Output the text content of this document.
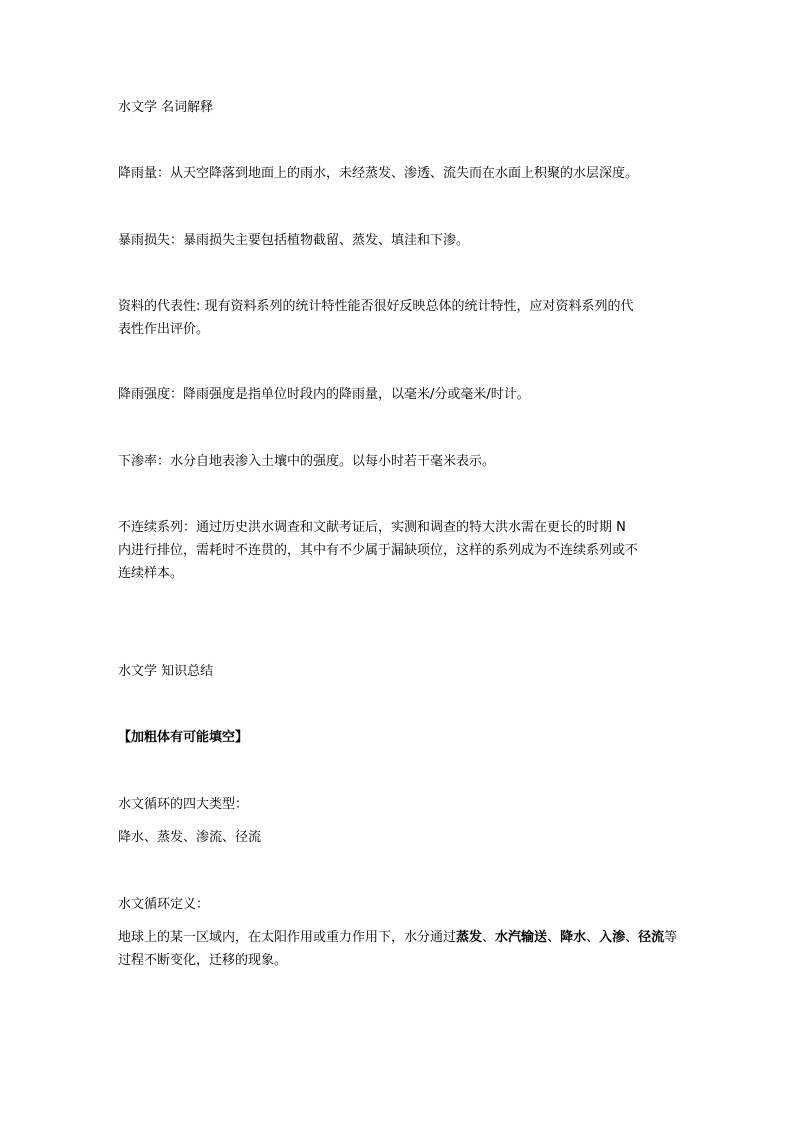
水文学 名词解释
降雨量：从天空降落到地面上的雨水，未经蒸发、渗透、流失而在水面上积聚的水层深度。
暴雨损失：暴雨损失主要包括植物截留、蒸发、填洼和下渗。
资料的代表性: 现有资料系列的统计特性能否很好反映总体的统计特性，应对资料系列的代
表性作出评价。
降雨强度：降雨强度是指单位时段内的降雨量，以毫米/分或毫米/时计。
下渗率：水分自地表渗入土壤中的强度。以每小时若干毫米表示。
不连续系列：通过历史洪水调查和文献考证后，实测和调查的特大洪水需在更长的时期 N
内进行排位，需耗时不连贯的，其中有不少属于漏缺项位，这样的系列成为不连续系列或不
连续样本。
水文学 知识总结
【加粗体有可能填空】
水文循环的四大类型：
降水、蒸发、渗流、径流
水文循环定义：
地球上的某一区域内，在太阳作用或重力作用下，水分通过蒸发、水汽输送、降水、入渗、径流等过程不断变化，迁移的现象。
